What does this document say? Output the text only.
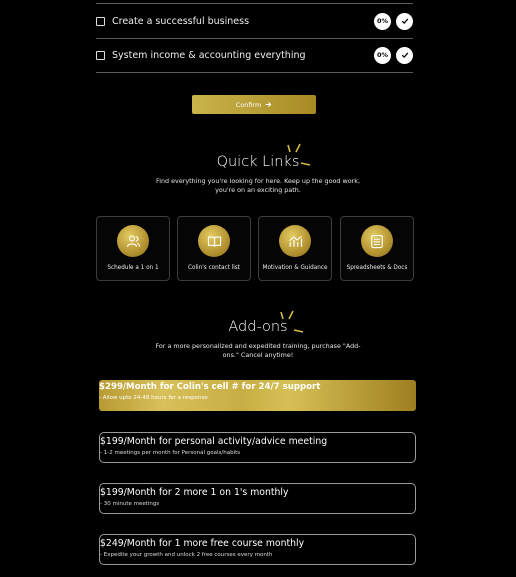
Create a successful business	0%
System income & accounting everything	0%
Confirm
Quick Links
Find everything you're looking for here. Keep up the good work, you're on an exciting path.
Schedule a 1 on 1	Colin's contact list	Motivation & Guidance	Spreadsheets & Docs
Add-ons
For a more personalized and expedited training, purchase "Add-ons." Cancel anytime!
$299/Month for Colin's cell # for 24/7 support
- Allow upto 24-48 hours for a response
$199/Month for personal activity/advice meeting
- 1-2 meetings per month for Personal goals/habits
$199/Month for 2 more 1 on 1's monthly
- 30 minute meetings
$249/Month for 1 more free course monthly
- Expedite your growth and unlock 2 free courses every month
